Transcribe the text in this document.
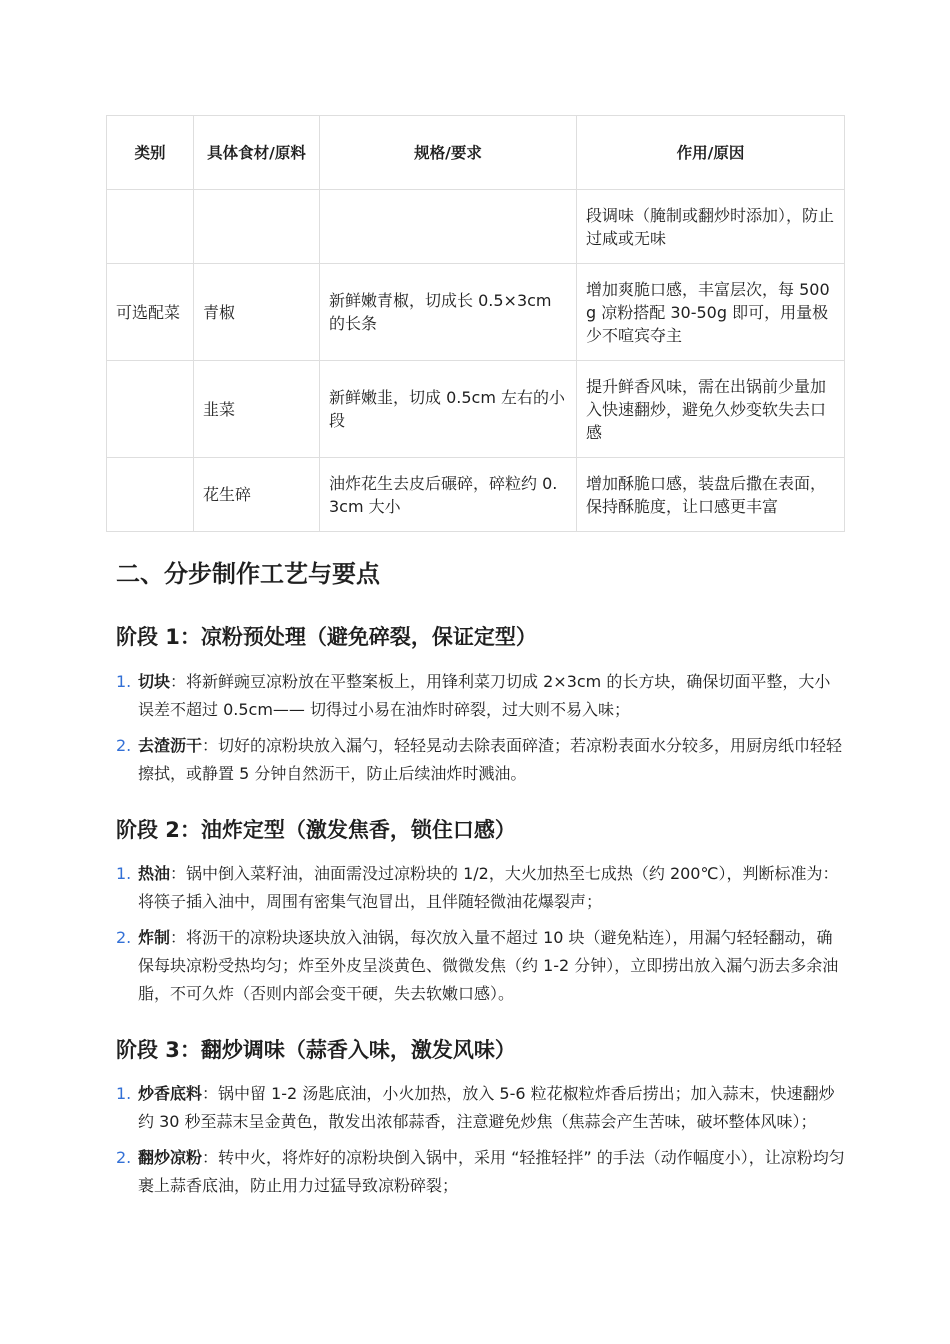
类别	具体食材/原料	规格/要求	作用/原因
			段调味（腌制或翻炒时添加），防止过咸或无味
可选配菜	青椒	新鲜嫩青椒，切成长 0.5×3cm 的长条	增加爽脆口感，丰富层次，每 500g 凉粉搭配 30-50g 即可，用量极少不喧宾夺主
	韭菜	新鲜嫩韭，切成 0.5cm 左右的小段	提升鲜香风味，需在出锅前少量加入快速翻炒，避免久炒变软失去口感
	花生碎	油炸花生去皮后碾碎，碎粒约 0.3cm 大小	增加酥脆口感，装盘后撒在表面，保持酥脆度，让口感更丰富
二、分步制作工艺与要点
阶段 1：凉粉预处理（避免碎裂，保证定型）
1. 切块：将新鲜豌豆凉粉放在平整案板上，用锋利菜刀切成 2×3cm 的长方块，确保切面平整，大小误差不超过 0.5cm—— 切得过小易在油炸时碎裂，过大则不易入味；
2. 去渣沥干：切好的凉粉块放入漏勺，轻轻晃动去除表面碎渣；若凉粉表面水分较多，用厨房纸巾轻轻擦拭，或静置 5 分钟自然沥干，防止后续油炸时溅油。
阶段 2：油炸定型（激发焦香，锁住口感）
1. 热油：锅中倒入菜籽油，油面需没过凉粉块的 1/2，大火加热至七成热（约 200℃），判断标准为：将筷子插入油中，周围有密集气泡冒出，且伴随轻微油花爆裂声；
2. 炸制：将沥干的凉粉块逐块放入油锅，每次放入量不超过 10 块（避免粘连），用漏勺轻轻翻动，确保每块凉粉受热均匀；炸至外皮呈淡黄色、微微发焦（约 1-2 分钟），立即捞出放入漏勺沥去多余油脂，不可久炸（否则内部会变干硬，失去软嫩口感）。
阶段 3：翻炒调味（蒜香入味，激发风味）
1. 炒香底料：锅中留 1-2 汤匙底油，小火加热，放入 5-6 粒花椒粒炸香后捞出；加入蒜末，快速翻炒约 30 秒至蒜末呈金黄色，散发出浓郁蒜香，注意避免炒焦（焦蒜会产生苦味，破坏整体风味）；
2. 翻炒凉粉：转中火，将炸好的凉粉块倒入锅中，采用 “轻推轻拌” 的手法（动作幅度小），让凉粉均匀裹上蒜香底油，防止用力过猛导致凉粉碎裂；
